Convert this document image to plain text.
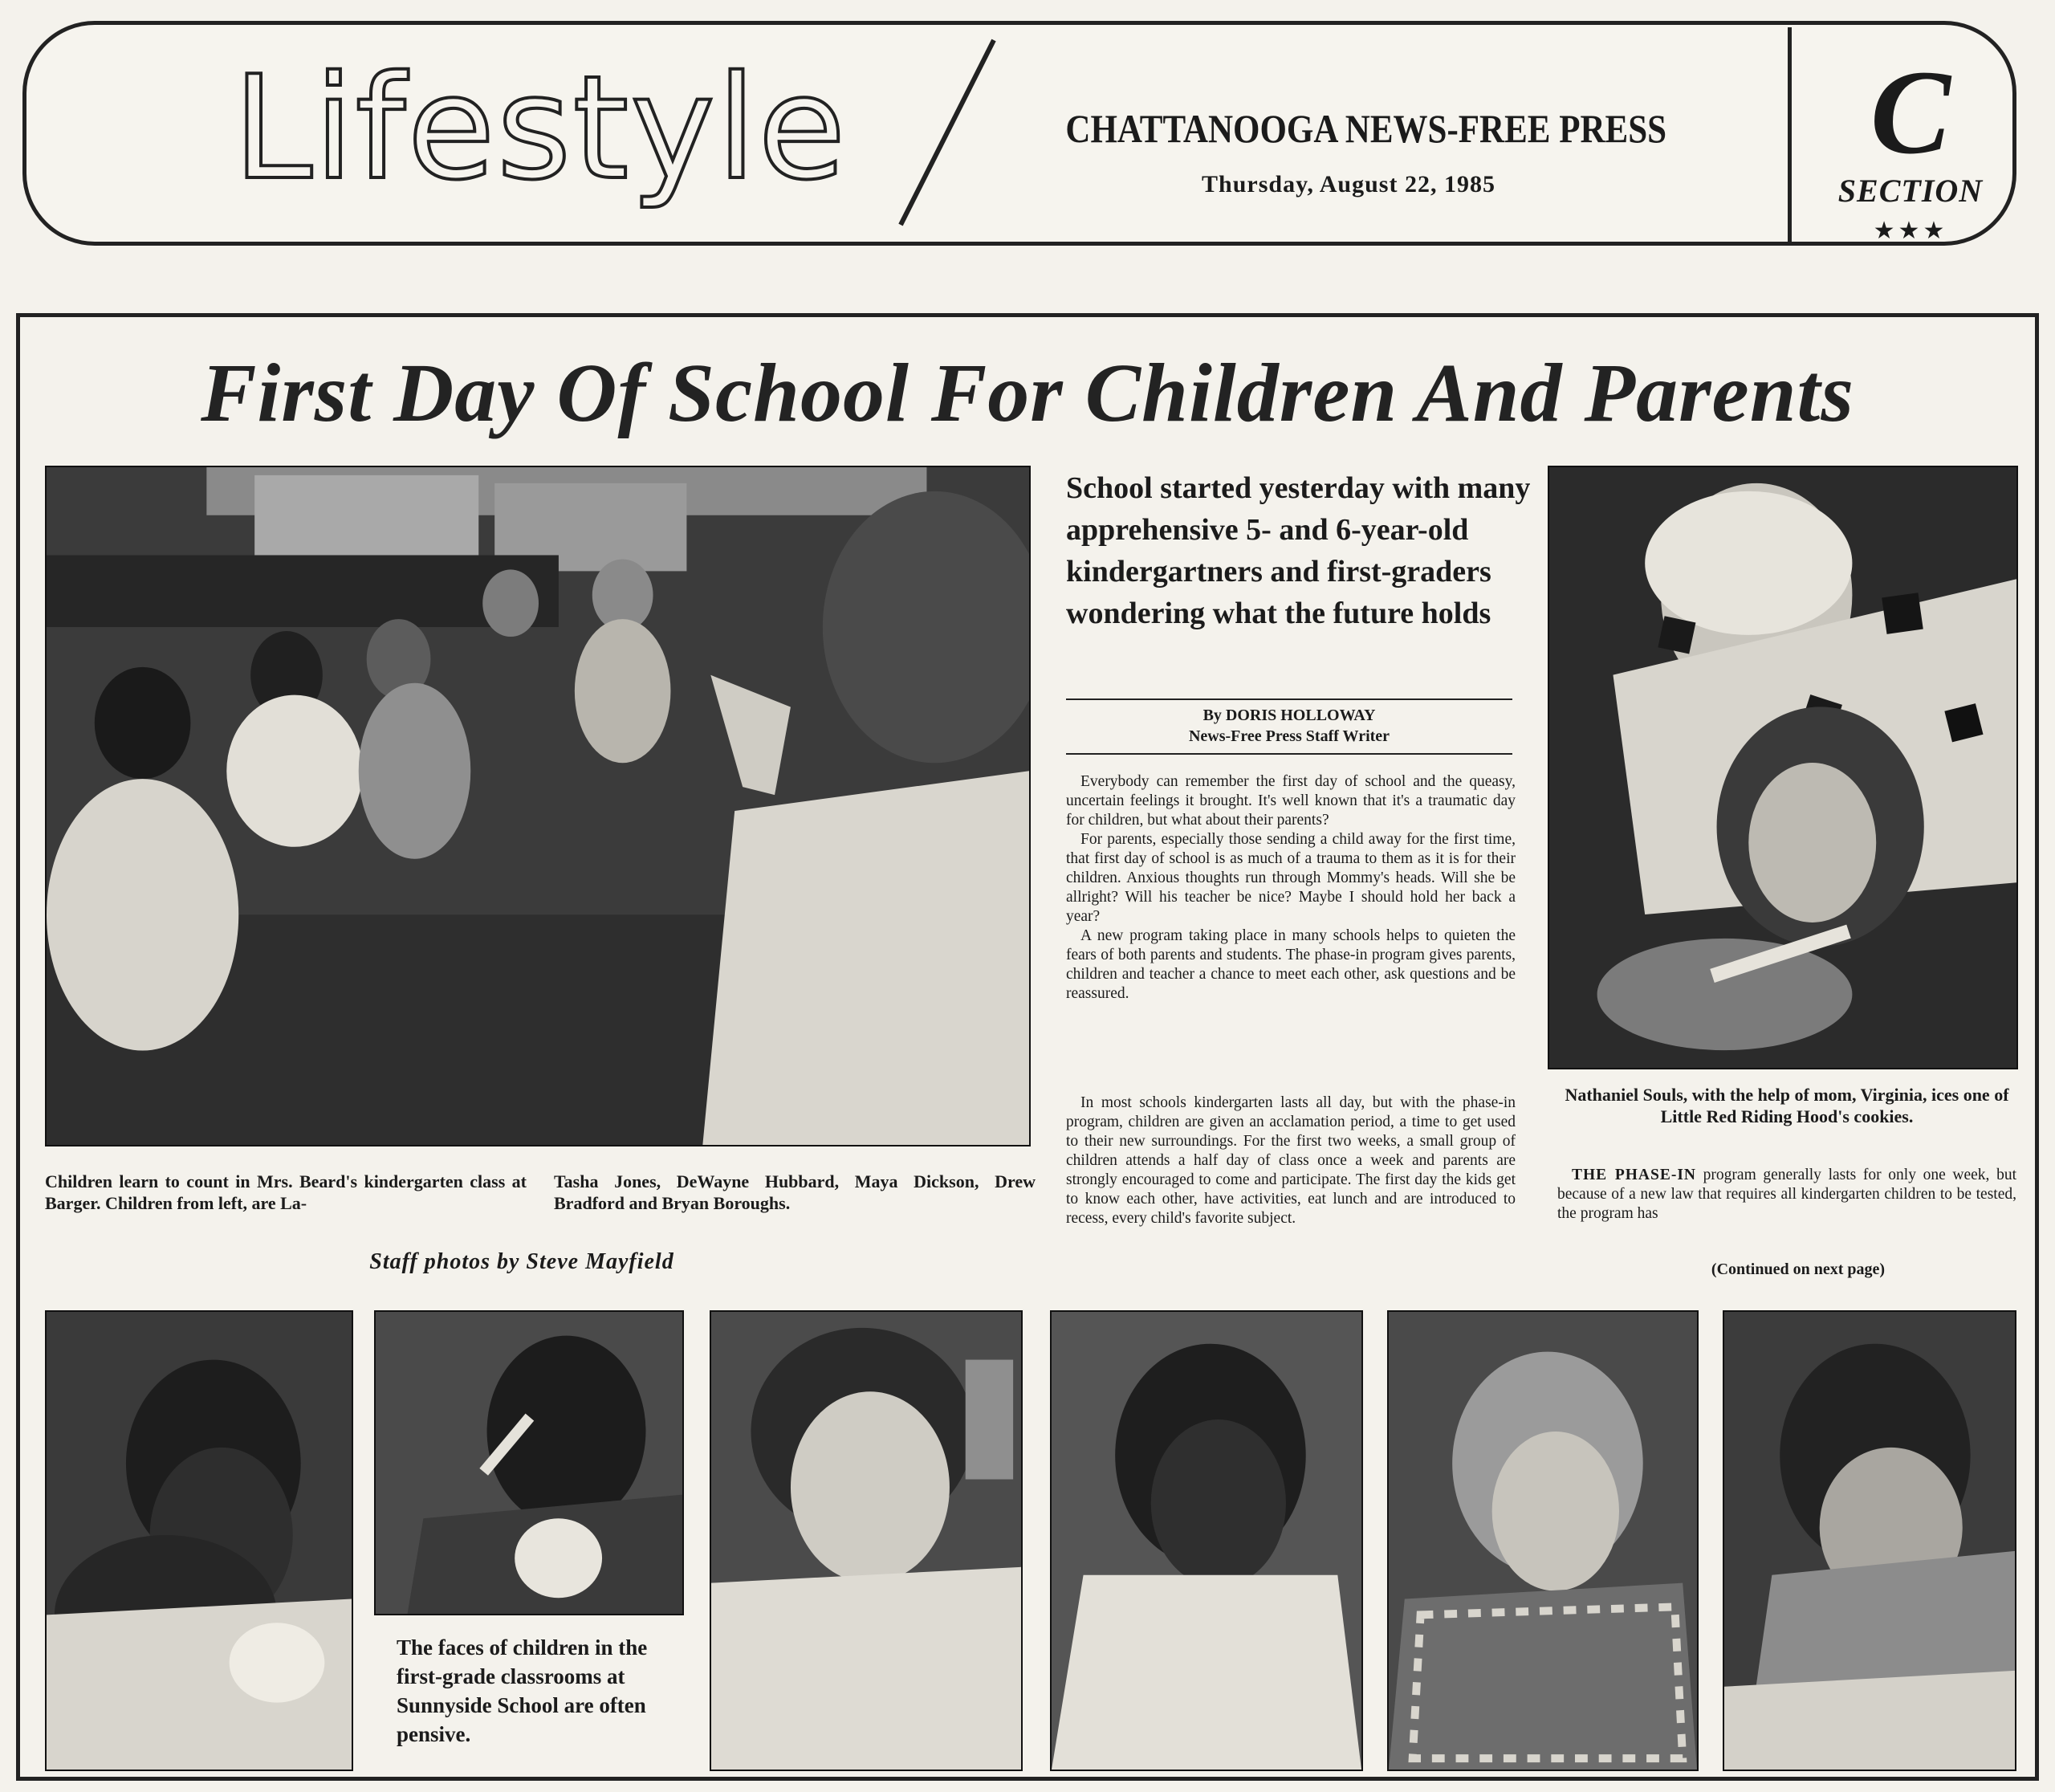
Lifestyle	CHATTANOOGA NEWS-FREE PRESS
Thursday, August 22, 1985
C
SECTION
★★★
First Day Of School For Children And Parents
School started yesterday with many apprehensive 5- and 6-year-old kindergartners and first-graders wondering what the future holds
By DORIS HOLLOWAY
News-Free Press Staff Writer

Everybody can remember the first day of school and the queasy, uncertain feelings it brought. It's well known that it's a traumatic day for children, but what about their parents?

For parents, especially those sending a child away for the first time, that first day of school is as much of a trauma to them as it is for their children. Anxious thoughts run through Mommy's heads. Will she be allright? Will his teacher be nice? Maybe I should hold her back a year?

A new program taking place in many schools helps to quieten the fears of both parents and students. The phase-in program gives parents, children and teacher a chance to meet each other, ask questions and be reassured.

In most schools kindergarten lasts all day, but with the phase-in program, children are given an acclamation period, a time to get used to their new surroundings. For the first two weeks, a small group of children attends a half day of class once a week and parents are strongly encouraged to come and participate. The first day the kids get to know each other, have activities, eat lunch and are introduced to recess, every child's favorite subject.

THE PHASE-IN program generally lasts for only one week, but because of a new law that requires all kindergarten children to be tested, the program has

Children learn to count in Mrs. Beard's kindergarten class at Barger. Children from left, are La-
Tasha Jones, DeWayne Hubbard, Maya Dickson, Drew Bradford and Bryan Boroughs.
Nathaniel Souls, with the help of mom, Virginia, ices one of Little Red Riding Hood's cookies.
Staff photos by Steve Mayfield	(Continued on next page)
The faces of children in the first-grade classrooms at Sunnyside School are often pensive.
